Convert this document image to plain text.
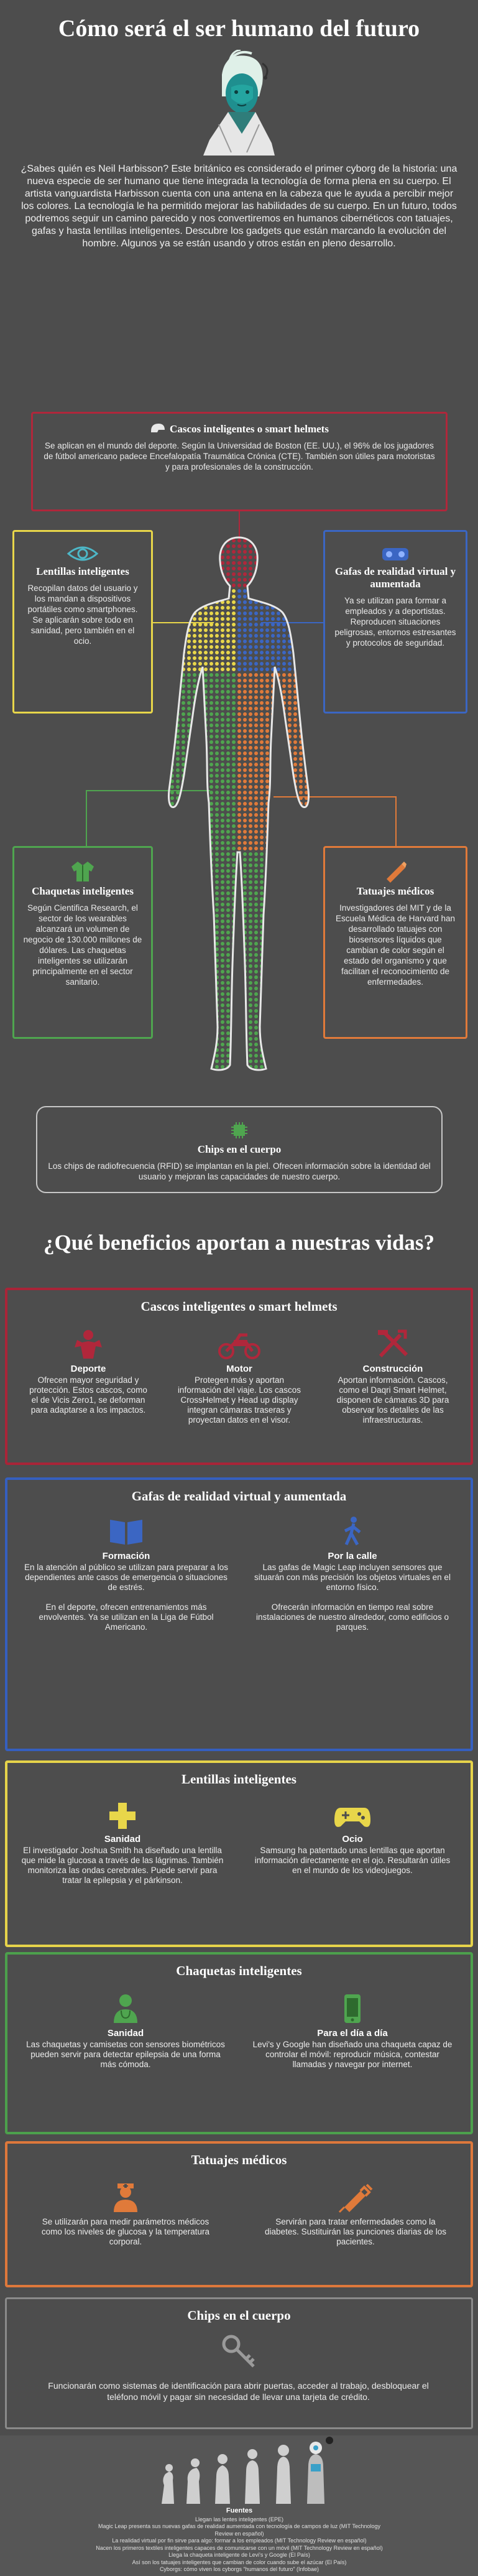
Cómo será el ser humano del futuro

¿Sabes quién es Neil Harbisson? Este británico es considerado el primer cyborg de la historia: una nueva especie de ser humano que tiene integrada la tecnología de forma plena en su cuerpo. El artista vanguardista Harbisson cuenta con una antena en la cabeza que le ayuda a percibir mejor los colores. La tecnología le ha permitido mejorar las habilidades de su cuerpo. En un futuro, todos podremos seguir un camino parecido y nos convertiremos en humanos cibernéticos con tatuajes, gafas y hasta lentillas inteligentes. Descubre los gadgets que están marcando la evolución del hombre. Algunos ya se están usando y otros están en pleno desarrollo.

Cascos inteligentes o smart helmets

Se aplican en el mundo del deporte. Según la Universidad de Boston (EE. UU.), el 96% de los jugadores de fútbol americano padece Encefalopatía Traumática Crónica (CTE). También son útiles para motoristas y para profesionales de la construcción.

Lentillas inteligentes

Recopilan datos del usuario y los mandan a dispositivos portátiles como smartphones. Se aplicarán sobre todo en sanidad, pero también en el ocio.

Gafas de realidad virtual y aumentada

Ya se utilizan para formar a empleados y a deportistas. Reproducen situaciones peligrosas, entornos estresantes y protocolos de seguridad.

Chaquetas inteligentes

Según Cientifica Research, el sector de los wearables alcanzará un volumen de negocio de 130.000 millones de dólares. Las chaquetas inteligentes se utilizarán principalmente en el sector sanitario.

Tatuajes médicos

Investigadores del MIT y de la Escuela Médica de Harvard han desarrollado tatuajes con biosensores líquidos que cambian de color según el estado del organismo y que facilitan el reconocimiento de enfermedades.

Chips en el cuerpo

Los chips de radiofrecuencia (RFID) se implantan en la piel. Ofrecen información sobre la identidad del usuario y mejoran las capacidades de nuestro cuerpo.

¿Qué beneficios aportan a nuestras vidas?
Cascos inteligentes o smart helmets
Deporte

Ofrecen mayor seguridad y protección. Estos cascos, como el de Vicis Zero1, se deforman para adaptarse a los impactos.

Motor

Protegen más y aportan información del viaje. Los cascos CrossHelmet y Head up display integran cámaras traseras y proyectan datos en el visor.

Construcción

Aportan información. Cascos, como el Daqri Smart Helmet, disponen de cámaras 3D para observar los detalles de las infraestructuras.

Gafas de realidad virtual y aumentada
Formación

En la atención al público se utilizan para preparar a los dependientes ante casos de emergencia o situaciones de estrés.

En el deporte, ofrecen entrenamientos más envolventes. Ya se utilizan en la Liga de Fútbol Americano.

Por la calle

Las gafas de Magic Leap incluyen sensores que situarán con más precisión los objetos virtuales en el entorno físico.

Ofrecerán información en tiempo real sobre instalaciones de nuestro alrededor, como edificios o parques.

Lentillas inteligentes
Sanidad

El investigador Joshua Smith ha diseñado una lentilla que mide la glucosa a través de las lágrimas. También monitoriza las ondas cerebrales. Puede servir para tratar la epilepsia y el párkinson.

Ocio

Samsung ha patentado unas lentillas que aportan información directamente en el ojo. Resultarán útiles en el mundo de los videojuegos.

Chaquetas inteligentes
Sanidad

Las chaquetas y camisetas con sensores biométricos pueden servir para detectar epilepsia de una forma más cómoda.

Para el día a día

Levi's y Google han diseñado una chaqueta capaz de controlar el móvil: reproducir música, contestar llamadas y navegar por internet.

Tatuajes médicos

Se utilizarán para medir parámetros médicos como los niveles de glucosa y la temperatura corporal.

Servirán para tratar enfermedades como la diabetes. Sustituirán las punciones diarias de los pacientes.

Chips en el cuerpo

Funcionarán como sistemas de identificación para abrir puertas, acceder al trabajo, desbloquear el teléfono móvil y pagar sin necesidad de llevar una tarjeta de crédito.

Fuentes
Llegan las lentes inteligentes (EPE)
Magic Leap presenta sus nuevas gafas de realidad aumentada con tecnología de campos de luz (MIT Technology Review en español)
La realidad virtual por fin sirve para algo: formar a los empleados (MIT Technology Review en español)
Nacen los primeros textiles inteligentes capaces de comunicarse con un móvil (MIT Technology Review en español)
Llega la chaqueta inteligente de Levi's y Google (El País)
Así son los tatuajes inteligentes que cambian de color cuando sube el azúcar (El País)
Cyborgs: cómo viven los cyborgs “humanos del futuro” (Infobae)
